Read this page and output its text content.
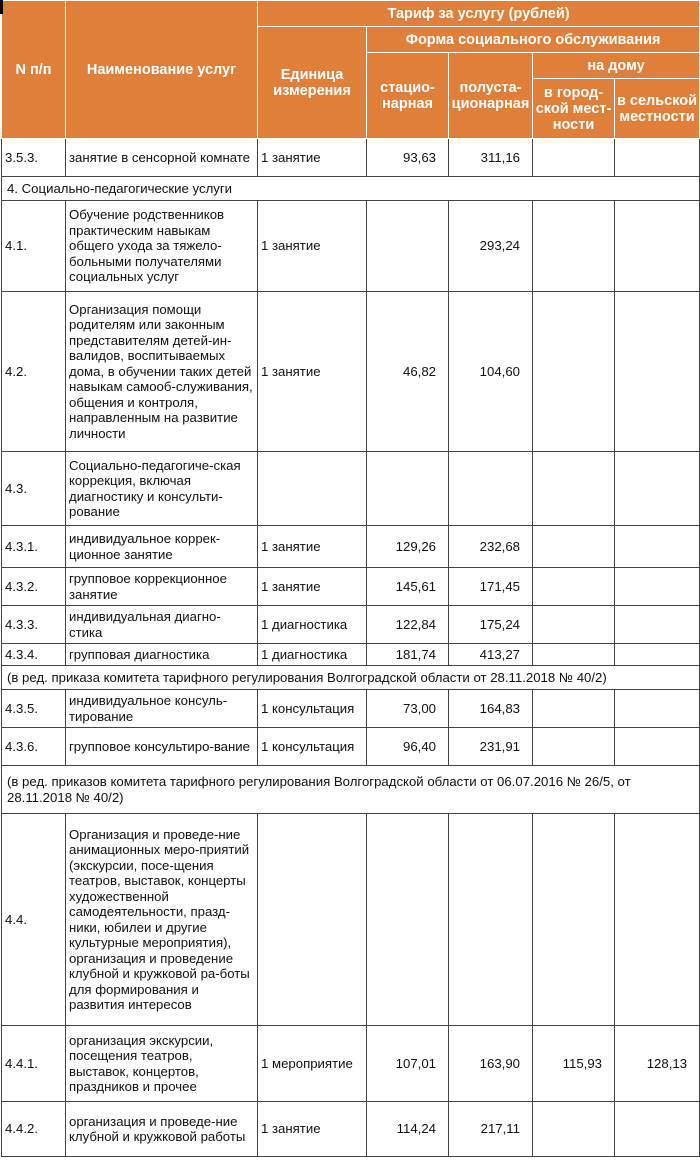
N п/п	Наименование услуг	Тариф за услугу (рублей)				
		Единица измерения	Форма социального обслуживания			
			стацио-нарная	полуста-ционарная	на дому	
					в город-ской мест-ности	в сельской местности
3.5.3.	занятие в сенсорной комнате	1 занятие	93,63	311,16		
4. Социально-педагогические услуги						
4.1.	Обучение родственников практическим навыкам общего ухода за тяжело-больными получателями социальных услуг	1 занятие		293,24		
4.2.	Организация помощи родителям или законным представителям детей-ин-валидов, воспитываемых дома, в обучении таких детей навыкам самооб-служивания, общения и контроля, направленным на развитие личности	1 занятие	46,82	104,60		
4.3.	Социально-педагогиче-ская коррекция, включая диагностику и консульти-рование					
4.3.1.	индивидуальное коррек-ционное занятие	1 занятие	129,26	232,68		
4.3.2.	групповое коррекционное занятие	1 занятие	145,61	171,45		
4.3.3.	индивидуальная диагно-стика	1 диагностика	122,84	175,24		
4.3.4.	групповая диагностика	1 диагностика	181,74	413,27		
(в ред. приказа комитета тарифного регулирования Волгоградской области от 28.11.2018 № 40/2)						
4.3.5.	индивидуальное консуль-тирование	1 консультация	73,00	164,83		
4.3.6.	групповое консультиро-вание	1 консультация	96,40	231,91		
(в ред. приказов комитета тарифного регулирования Волгоградской области от 06.07.2016 № 26/5, от 28.11.2018 № 40/2)						
4.4.	Организация и проведе-ние анимационных меро-приятий (экскурсии, посе-щения театров, выставок, концерты художественной самодеятельности, празд-ники, юбилеи и другие культурные мероприятия), организация и проведение клубной и кружковой ра-боты для формирования и развития интересов					
4.4.1.	организация экскурсии, посещения театров, выставок, концертов, праздников и прочее	1 мероприятие	107,01	163,90	115,93	128,13
4.4.2.	организация и проведе-ние клубной и кружковой работы	1 занятие	114,24	217,11		
